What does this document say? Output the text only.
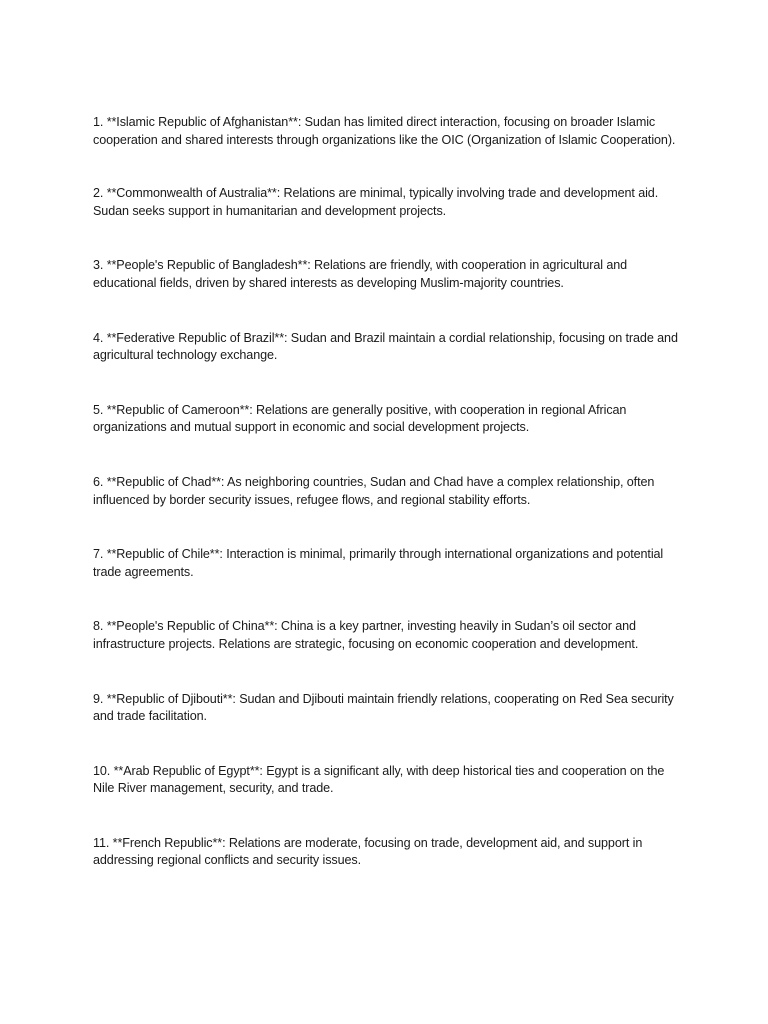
1. **Islamic Republic of Afghanistan**: Sudan has limited direct interaction, focusing on broader Islamic cooperation and shared interests through organizations like the OIC (Organization of Islamic Cooperation).

2. **Commonwealth of Australia**: Relations are minimal, typically involving trade and development aid. Sudan seeks support in humanitarian and development projects.

3. **People's Republic of Bangladesh**: Relations are friendly, with cooperation in agricultural and educational fields, driven by shared interests as developing Muslim-majority countries.

4. **Federative Republic of Brazil**: Sudan and Brazil maintain a cordial relationship, focusing on trade and agricultural technology exchange.

5. **Republic of Cameroon**: Relations are generally positive, with cooperation in regional African organizations and mutual support in economic and social development projects.

6. **Republic of Chad**: As neighboring countries, Sudan and Chad have a complex relationship, often influenced by border security issues, refugee flows, and regional stability efforts.

7. **Republic of Chile**: Interaction is minimal, primarily through international organizations and potential trade agreements.

8. **People's Republic of China**: China is a key partner, investing heavily in Sudan’s oil sector and infrastructure projects. Relations are strategic, focusing on economic cooperation and development.

9. **Republic of Djibouti**: Sudan and Djibouti maintain friendly relations, cooperating on Red Sea security and trade facilitation.

10. **Arab Republic of Egypt**: Egypt is a significant ally, with deep historical ties and cooperation on the Nile River management, security, and trade.

11. **French Republic**: Relations are moderate, focusing on trade, development aid, and support in addressing regional conflicts and security issues.
